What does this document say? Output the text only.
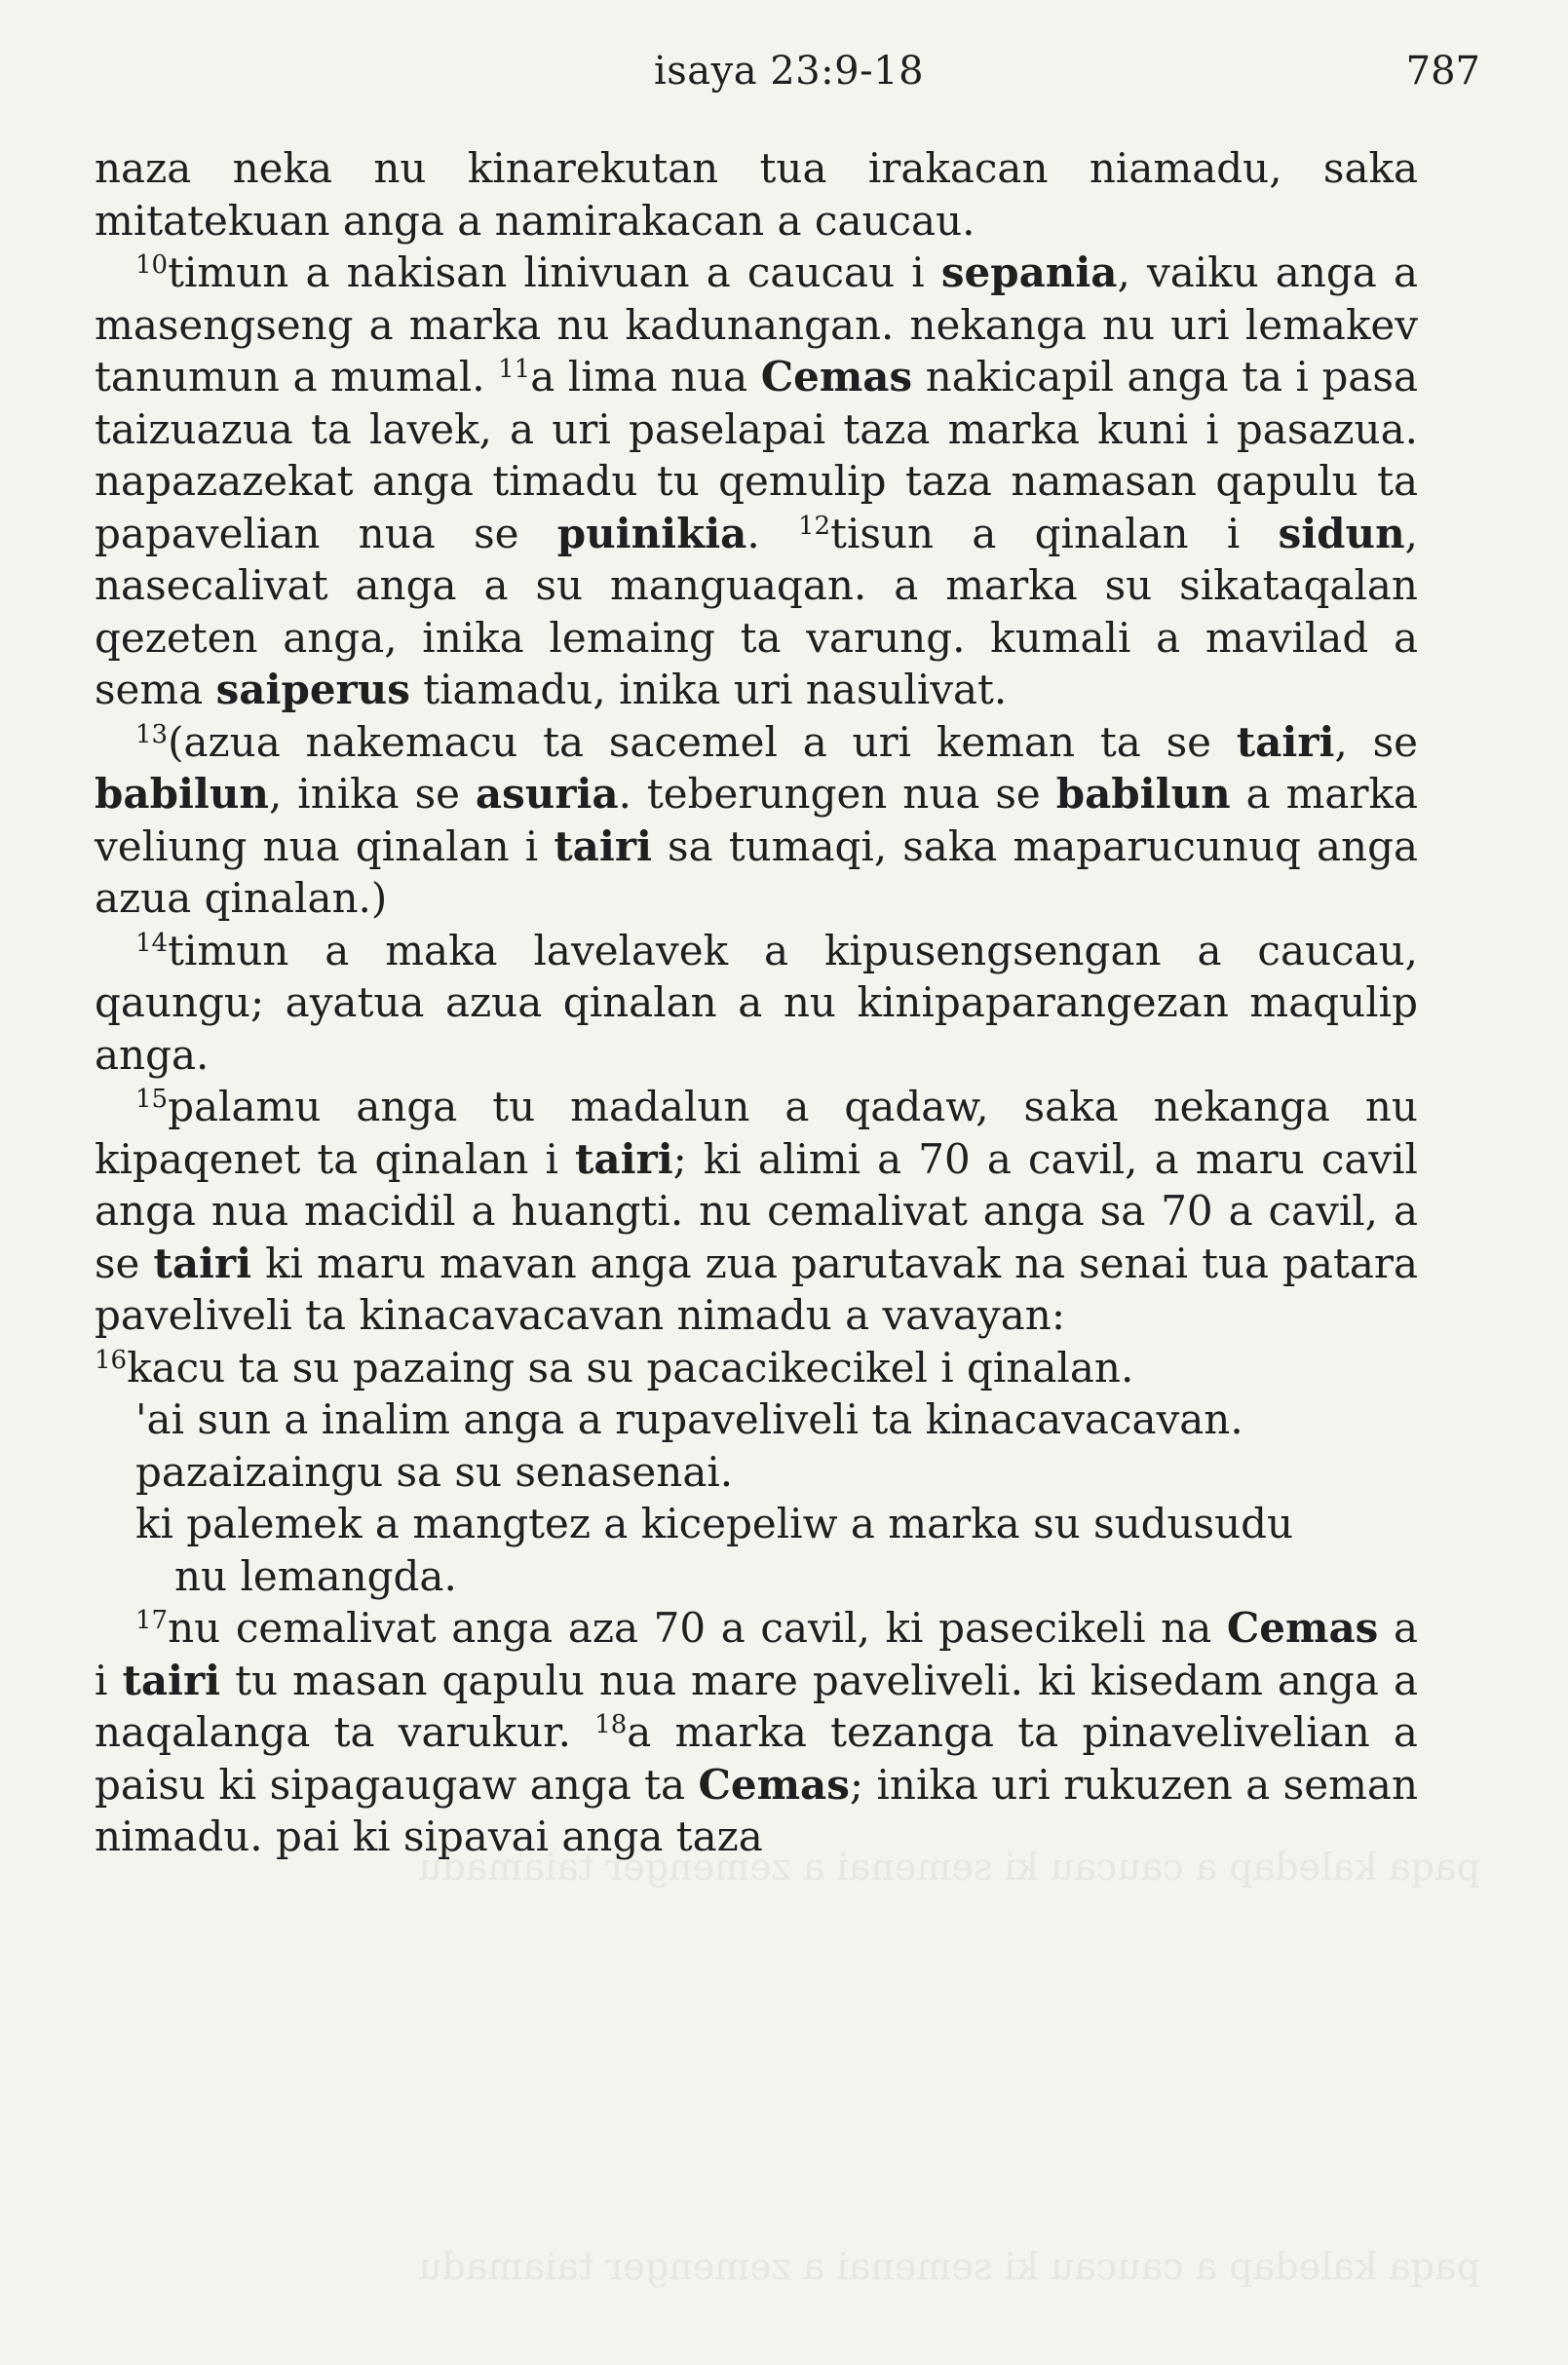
paqa kaledap a caucau ki semenai a zemenger taiamadu
paqa kaledap a caucau ki semenai a zemenger taiamadu
isaya 23:9-18	787

naza neka nu kinarekutan tua irakacan niamadu, saka mitatekuan anga a namirakacan a caucau.

$^{10}$timun a nakisan linivuan a caucau i sepania, vaiku anga a masengseng a marka nu kadunangan. nekanga nu uri lemakev tanumun a mumal. $^{11}$a lima nua Cemas nakicapil anga ta i pasa taizuazua ta lavek, a uri paselapai taza marka kuni i pasazua. napazazekat anga timadu tu qemulip taza namasan qapulu ta papavelian nua se puinikia. $^{12}$tisun a qinalan i sidun, nasecalivat anga a su manguaqan. a marka su sikataqalan qezeten anga, inika lemaing ta varung. kumali a mavilad a sema saiperus tiamadu, inika uri nasulivat.

$^{13}$(azua nakemacu ta sacemel a uri keman ta se tairi, se babilun, inika se asuria. teberungen nua se babilun a marka veliung nua qinalan i tairi sa tumaqi, saka maparucunuq anga azua qinalan.)

$^{14}$timun a maka lavelavek a kipusengsengan a caucau, qaungu; ayatua azua qinalan a nu kinipaparangezan maqulip anga.

$^{15}$palamu anga tu madalun a qadaw, saka nekanga nu kipaqenet ta qinalan i tairi; ki alimi a 70 a cavil, a maru cavil anga nua macidil a huangti. nu cemalivat anga sa 70 a cavil, a se tairi ki maru mavan anga zua parutavak na senai tua patara paveliveli ta kinacavacavan nimadu a vavayan:

$^{16}$kacu ta su pazaing sa su pacacikecikel i qinalan.
'ai sun a inalim anga a rupaveliveli ta kinacavacavan.
pazaizaingu sa su senasenai.
ki palemek a mangtez a kicepeliw a marka su sudusudu
nu lemangda.

$^{17}$nu cemalivat anga aza 70 a cavil, ki pasecikeli na Cemas a i tairi tu masan qapulu nua mare paveliveli. ki kisedam anga a naqalanga ta varukur. $^{18}$a marka tezanga ta pinavelivelian a paisu ki sipagaugaw anga ta Cemas; inika uri rukuzen a seman nimadu. pai ki sipavai anga taza
